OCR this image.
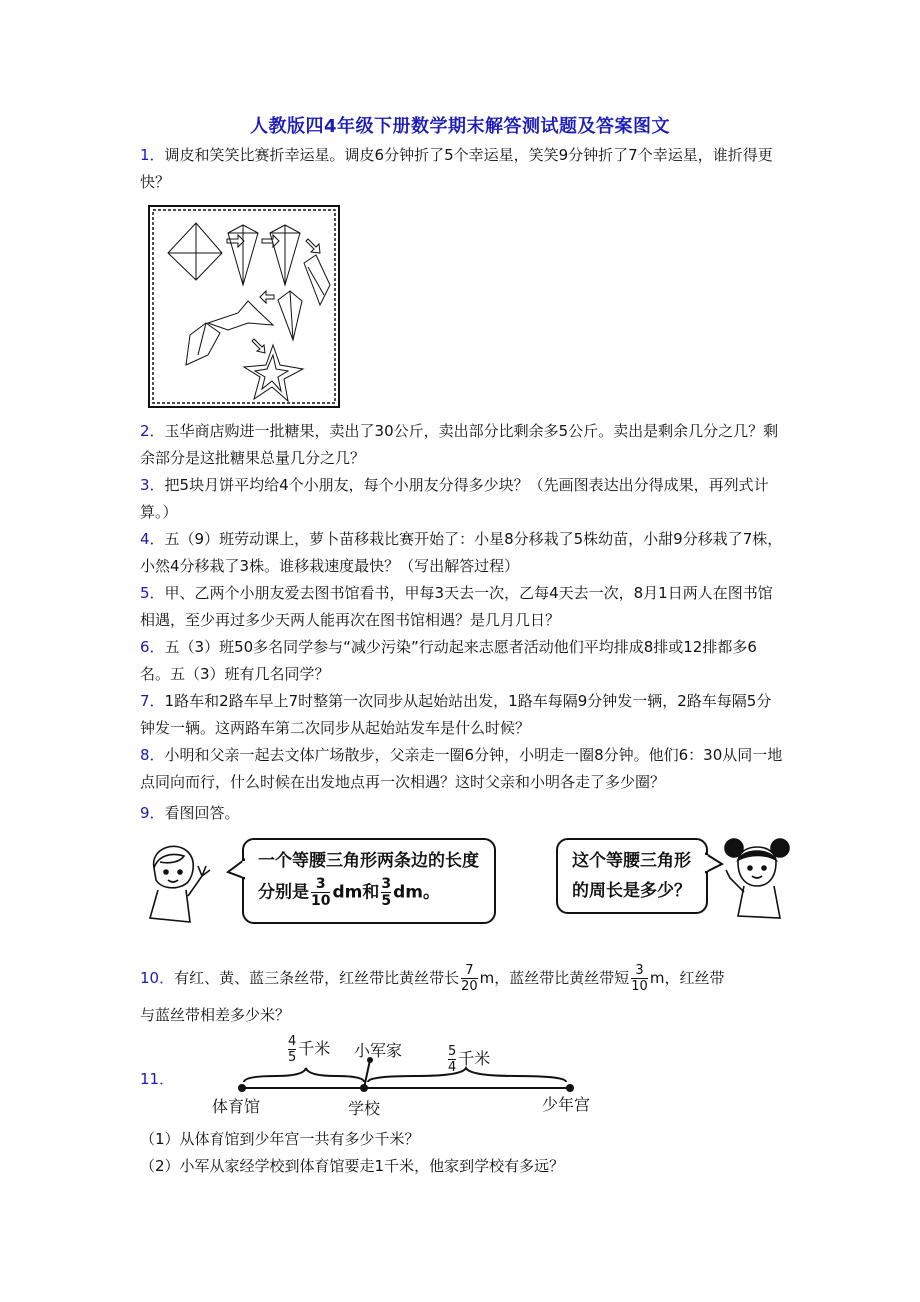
人教版四4年级下册数学期末解答测试题及答案图文
1．调皮和笑笑比赛折幸运星。调皮6分钟折了5个幸运星，笑笑9分钟折了7个幸运星，谁折得更快？
2．玉华商店购进一批糖果，卖出了30公斤，卖出部分比剩余多5公斤。卖出是剩余几分之几？剩余部分是这批糖果总量几分之几？
3．把5块月饼平均给4个小朋友，每个小朋友分得多少块？（先画图表达出分得成果，再列式计算。）
4．五（9）班劳动课上，萝卜苗移栽比赛开始了：小星8分移栽了5株幼苗，小甜9分移栽了7株，小然4分移栽了3株。谁移栽速度最快？（写出解答过程）
5．甲、乙两个小朋友爱去图书馆看书，甲每3天去一次，乙每4天去一次，8月1日两人在图书馆相遇，至少再过多少天两人能再次在图书馆相遇？是几月几日？
6．五（3）班50多名同学参与“减少污染”行动起来志愿者活动他们平均排成8排或12排都多6名。五（3）班有几名同学？
7．1路车和2路车早上7时整第一次同步从起始站出发，1路车每隔9分钟发一辆，2路车每隔5分钟发一辆。这两路车第二次同步从起始站发车是什么时候？
8．小明和父亲一起去文体广场散步，父亲走一圈6分钟，小明走一圈8分钟。他们6：30从同一地点同向而行，什么时候在出发地点再一次相遇？这时父亲和小明各走了多少圈？
9．看图回答。
一个等腰三角形两条边的长度
分别是 $\frac{3}{10}$ dm和 $\frac{3}{5}$ dm。
这个等腰三角形
的周长是多少？
10．有红、黄、蓝三条丝带，红丝带比黄丝带长 $\frac{7}{20}$ m，蓝丝带比黄丝带短 $\frac{3}{10}$ m，红丝带
与蓝丝带相差多少米？
11．
$\frac{4}{5}$ 千米 小军家	$\frac{5}{4}$ 千米
体育馆	学校	少年宫
（1）从体育馆到少年宫一共有多少千米？
（2）小军从家经学校到体育馆要走1千米，他家到学校有多远？
